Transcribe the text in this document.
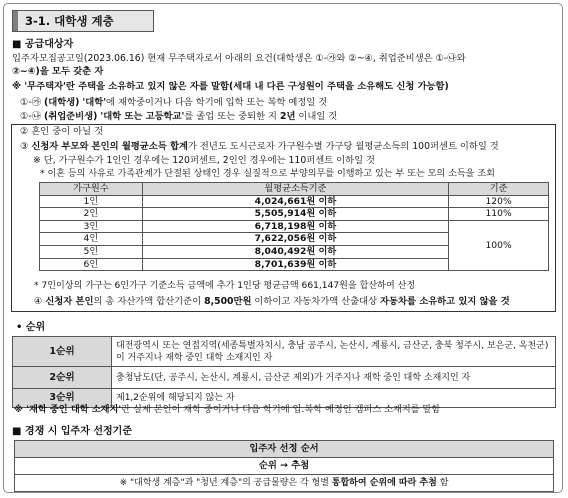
3-1. 대학생 계층
■ 공급대상자
입주자모집공고일(2023.06.16) 현재 무주택자로서 아래의 요건(대학생은 ①-㉮와 ②~④, 취업준비생은 ①-㉯와
②~④)을 모두 갖춘 자
※ '무주택자'란 주택을 소유하고 있지 않은 자를 말함(세대 내 다른 구성원이 주택을 소유해도 신청 가능함)
①-㉮ (대학생) '대학'에 재학중이거나 다음 학기에 입학 또는 복학 예정일 것
①-㉯ (취업준비생) '대학 또는 고등학교'를 졸업 또는 중퇴한 지 2년 이내일 것
② 혼인 중이 아닐 것
③ 신청자 부모와 본인의 월평균소득 합계가 전년도 도시근로자 가구원수별 가구당 월평균소득의 100퍼센트 이하일 것
※ 단, 가구원수가 1인인 경우에는 120퍼센트, 2인인 경우에는 110퍼센트 이하일 것
* 이혼 등의 사유로 가족관계가 단절된 상태인 경우 실질적으로 부양의무를 이행하고 있는 부 또는 모의 소득을 조회
가구원수	월평균소득기준	기준
1인	4,024,661원 이하	120%
2인	5,505,914원 이하	110%
3인	6,718,198원 이하	100%
4인	7,622,056원 이하	
5인	8,040,492원 이하	
6인	8,701,639원 이하	
* 7인이상의 가구는 6인가구 기준소득 금액에 추가 1인당 평균금액 661,147원을 합산하여 산정
④ 신청자 본인의 총 자산가액 합산기준이 8,500만원 이하이고 자동차가액 산출대상 자동차를 소유하고 있지 않을 것
• 순위
1순위	대전광역시 또는 연접지역(세종특별자치시, 충남 공주시, 논산시, 계룡시, 금산군, 충북 청주시, 보은군, 옥천군)이 거주지나 재학 중인 대학 소재지인 자
2순위	충청남도(단, 공주시, 논산시, 계룡시, 금산군 제외)가 거주지나 재학 중인 대학 소재지인 자
3순위	제1,2순위에 해당되지 않는 자
※ '재학 중인 대학 소재지'란 실제 본인이 재학 중이거나 다음 학기에 입.복학 예정인 캠퍼스 소재지를 말함
■ 경쟁 시 입주자 선정기준
입주자 선정 순서
순위 → 추첨
※ "대학생 계층"과 "청년 계층"의 공급물량은 각 형별 통합하여 순위에 따라 추첨 함
